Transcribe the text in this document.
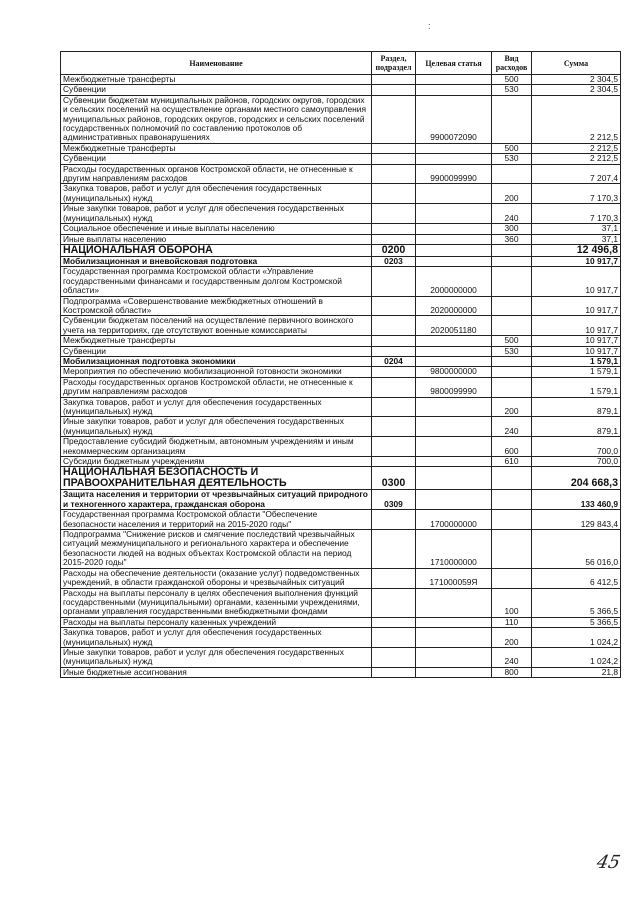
:
Наименование	Раздел, подраздел	Целевая статья	Вид расходов	Сумма
Межбюджетные трансферты			500	2 304,5
Субвенции			530	2 304,5
Субвенции бюджетам муниципальных районов, городских округов, городских и сельских поселений на осуществление органами местного самоуправления муниципальных районов, городских округов, городских и сельских поселений государственных полномочий по составлению протоколов об административных правонарушениях		9900072090		2 212,5
Межбюджетные трансферты			500	2 212,5
Субвенции			530	2 212,5
Расходы государственных органов Костромской области, не отнесенные к другим направлениям расходов		9900099990		7 207,4
Закупка товаров, работ и услуг для обеспечения государственных (муниципальных) нужд			200	7 170,3
Иные закупки товаров, работ и услуг для обеспечения государственных (муниципальных) нужд			240	7 170,3
Социальное обеспечение и иные выплаты населению			300	37,1
Иные выплаты населению			360	37,1
НАЦИОНАЛЬНАЯ ОБОРОНА	0200			12 496,8
Мобилизационная и вневойсковая подготовка	0203			10 917,7
Государственная программа Костромской области «Управление государственными финансами и государственным долгом Костромской области»		2000000000		10 917,7
Подпрограмма «Совершенствование межбюджетных отношений в Костромской области»		2020000000		10 917,7
Субвенции бюджетам поселений на осуществление первичного воинского учета на территориях, где отсутствуют военные комиссариаты		2020051180		10 917,7
Межбюджетные трансферты			500	10 917,7
Субвенции			530	10 917,7
Мобилизационная подготовка экономики	0204			1 579,1
Мероприятия по обеспечению мобилизационной готовности экономики		9800000000		1 579,1
Расходы государственных органов Костромской области, не отнесенные к другим направлениям расходов		9800099990		1 579,1
Закупка товаров, работ и услуг для обеспечения государственных (муниципальных) нужд			200	879,1
Иные закупки товаров, работ и услуг для обеспечения государственных (муниципальных) нужд			240	879,1
Предоставление субсидий бюджетным, автономным учреждениям и иным некоммерческим организациям			600	700,0
Субсидии бюджетным учреждениям			610	700,0
НАЦИОНАЛЬНАЯ БЕЗОПАСНОСТЬ И ПРАВООХРАНИТЕЛЬНАЯ ДЕЯТЕЛЬНОСТЬ	0300			204 668,3
Защита населения и территории от чрезвычайных ситуаций природного и техногенного характера, гражданская оборона	0309			133 460,9
Государственная программа Костромской области "Обеспечение безопасности населения и территорий на 2015-2020 годы"		1700000000		129 843,4
Подпрограмма "Снижение рисков и смягчение последствий чрезвычайных ситуаций межмуниципального и регионального характера и обеспечение безопасности людей на водных объектах Костромской области на период 2015-2020 годы"		1710000000		56 016,0
Расходы на обеспечение деятельности (оказание услуг) подведомственных учреждений, в области гражданской обороны и чрезвычайных ситуаций		171000059Я		6 412,5
Расходы на выплаты персоналу в целях обеспечения выполнения функций государственными (муниципальными) органами, казенными учреждениями, органами управления государственными внебюджетными фондами			100	5 366,5
Расходы на выплаты персоналу казенных учреждений			110	5 366,5
Закупка товаров, работ и услуг для обеспечения государственных (муниципальных) нужд			200	1 024,2
Иные закупки товаров, работ и услуг для обеспечения государственных (муниципальных) нужд			240	1 024,2
Иные бюджетные ассигнования			800	21,8
45
